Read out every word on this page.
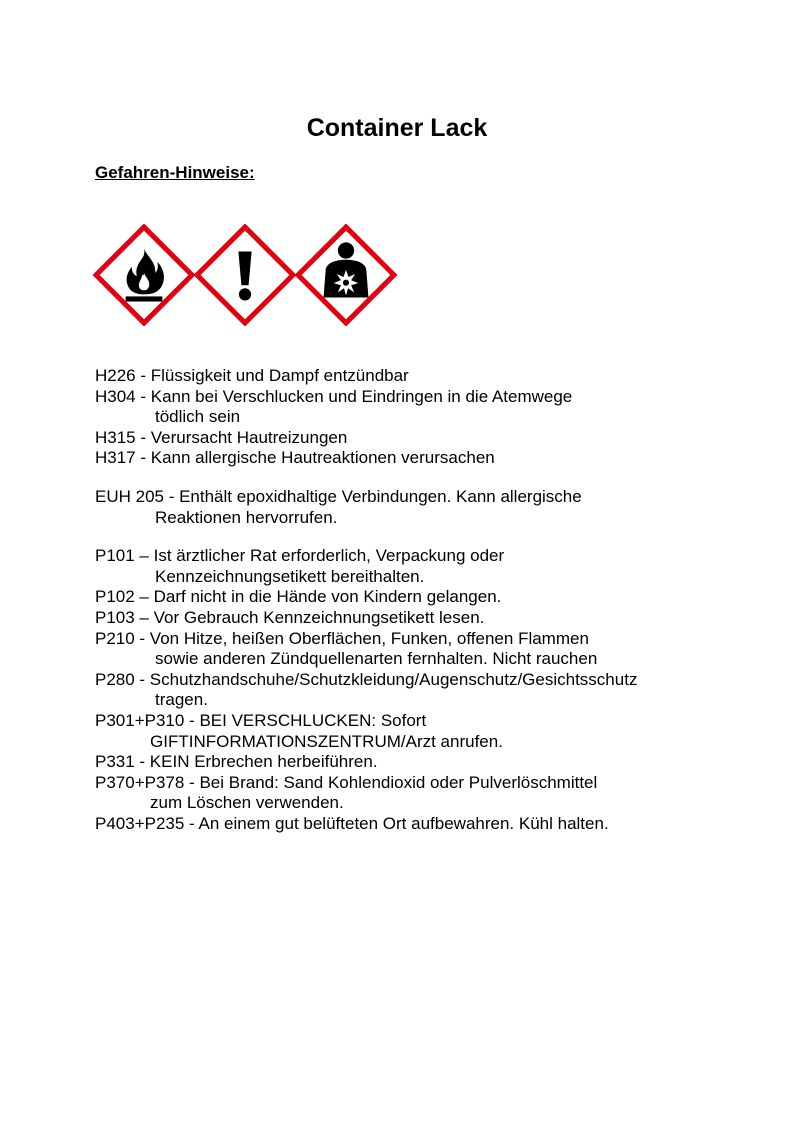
Container Lack
Gefahren-Hinweise:
H226 - Flüssigkeit und Dampf entzündbar
H304 - Kann bei Verschlucken und Eindringen in die Atemwege
tödlich sein
H315 - Verursacht Hautreizungen
H317 - Kann allergische Hautreaktionen verursachen
EUH 205 - Enthält epoxidhaltige Verbindungen. Kann allergische
Reaktionen hervorrufen.
P101 – Ist ärztlicher Rat erforderlich, Verpackung oder
Kennzeichnungsetikett bereithalten.
P102 – Darf nicht in die Hände von Kindern gelangen.
P103 – Vor Gebrauch Kennzeichnungsetikett lesen.
P210 - Von Hitze, heißen Oberflächen, Funken, offenen Flammen
sowie anderen Zündquellenarten fernhalten. Nicht rauchen
P280 - Schutzhandschuhe/Schutzkleidung/Augenschutz/Gesichtsschutz
tragen.
P301+P310 - BEI VERSCHLUCKEN: Sofort
GIFTINFORMATIONSZENTRUM/Arzt anrufen.
P331 - KEIN Erbrechen herbeiführen.
P370+P378 - Bei Brand: Sand Kohlendioxid oder Pulverlöschmittel
zum Löschen verwenden.
P403+P235 - An einem gut belüfteten Ort aufbewahren. Kühl halten.
